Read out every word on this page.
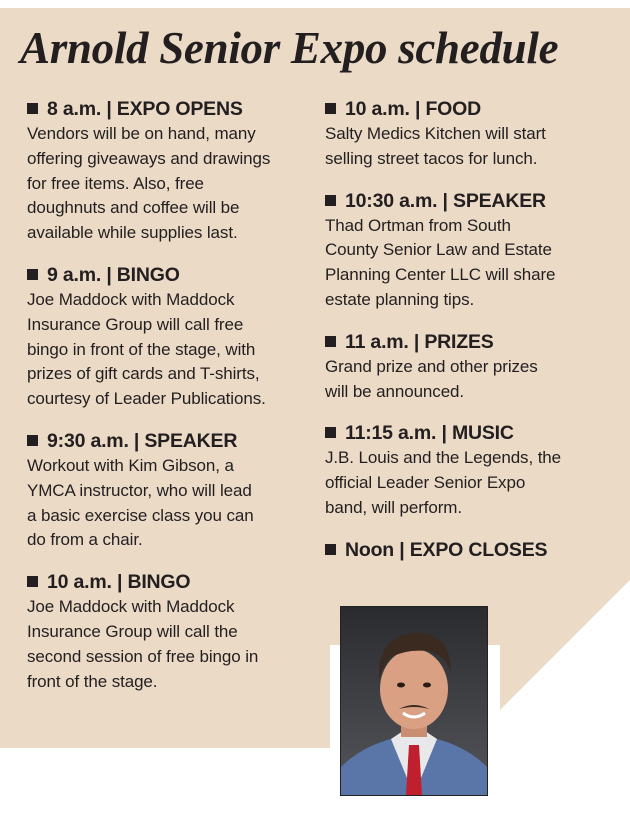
Arnold Senior Expo schedule
8 a.m. | EXPO OPENS
Vendors will be on hand, many
offering giveaways and drawings
for free items. Also, free
doughnuts and coffee will be
available while supplies last.
9 a.m. | BINGO
Joe Maddock with Maddock
Insurance Group will call free
bingo in front of the stage, with
prizes of gift cards and T-shirts,
courtesy of Leader Publications.
9:30 a.m. | SPEAKER
Workout with Kim Gibson, a
YMCA instructor, who will lead
a basic exercise class you can
do from a chair.
10 a.m. | BINGO
Joe Maddock with Maddock
Insurance Group will call the
second session of free bingo in
front of the stage.
10 a.m. | FOOD
Salty Medics Kitchen will start
selling street tacos for lunch.
10:30 a.m. | SPEAKER
Thad Ortman from South
County Senior Law and Estate
Planning Center LLC will share
estate planning tips.
11 a.m. | PRIZES
Grand prize and other prizes
will be announced.
11:15 a.m. | MUSIC
J.B. Louis and the Legends, the
official Leader Senior Expo
band, will perform.
Noon | EXPO CLOSES
